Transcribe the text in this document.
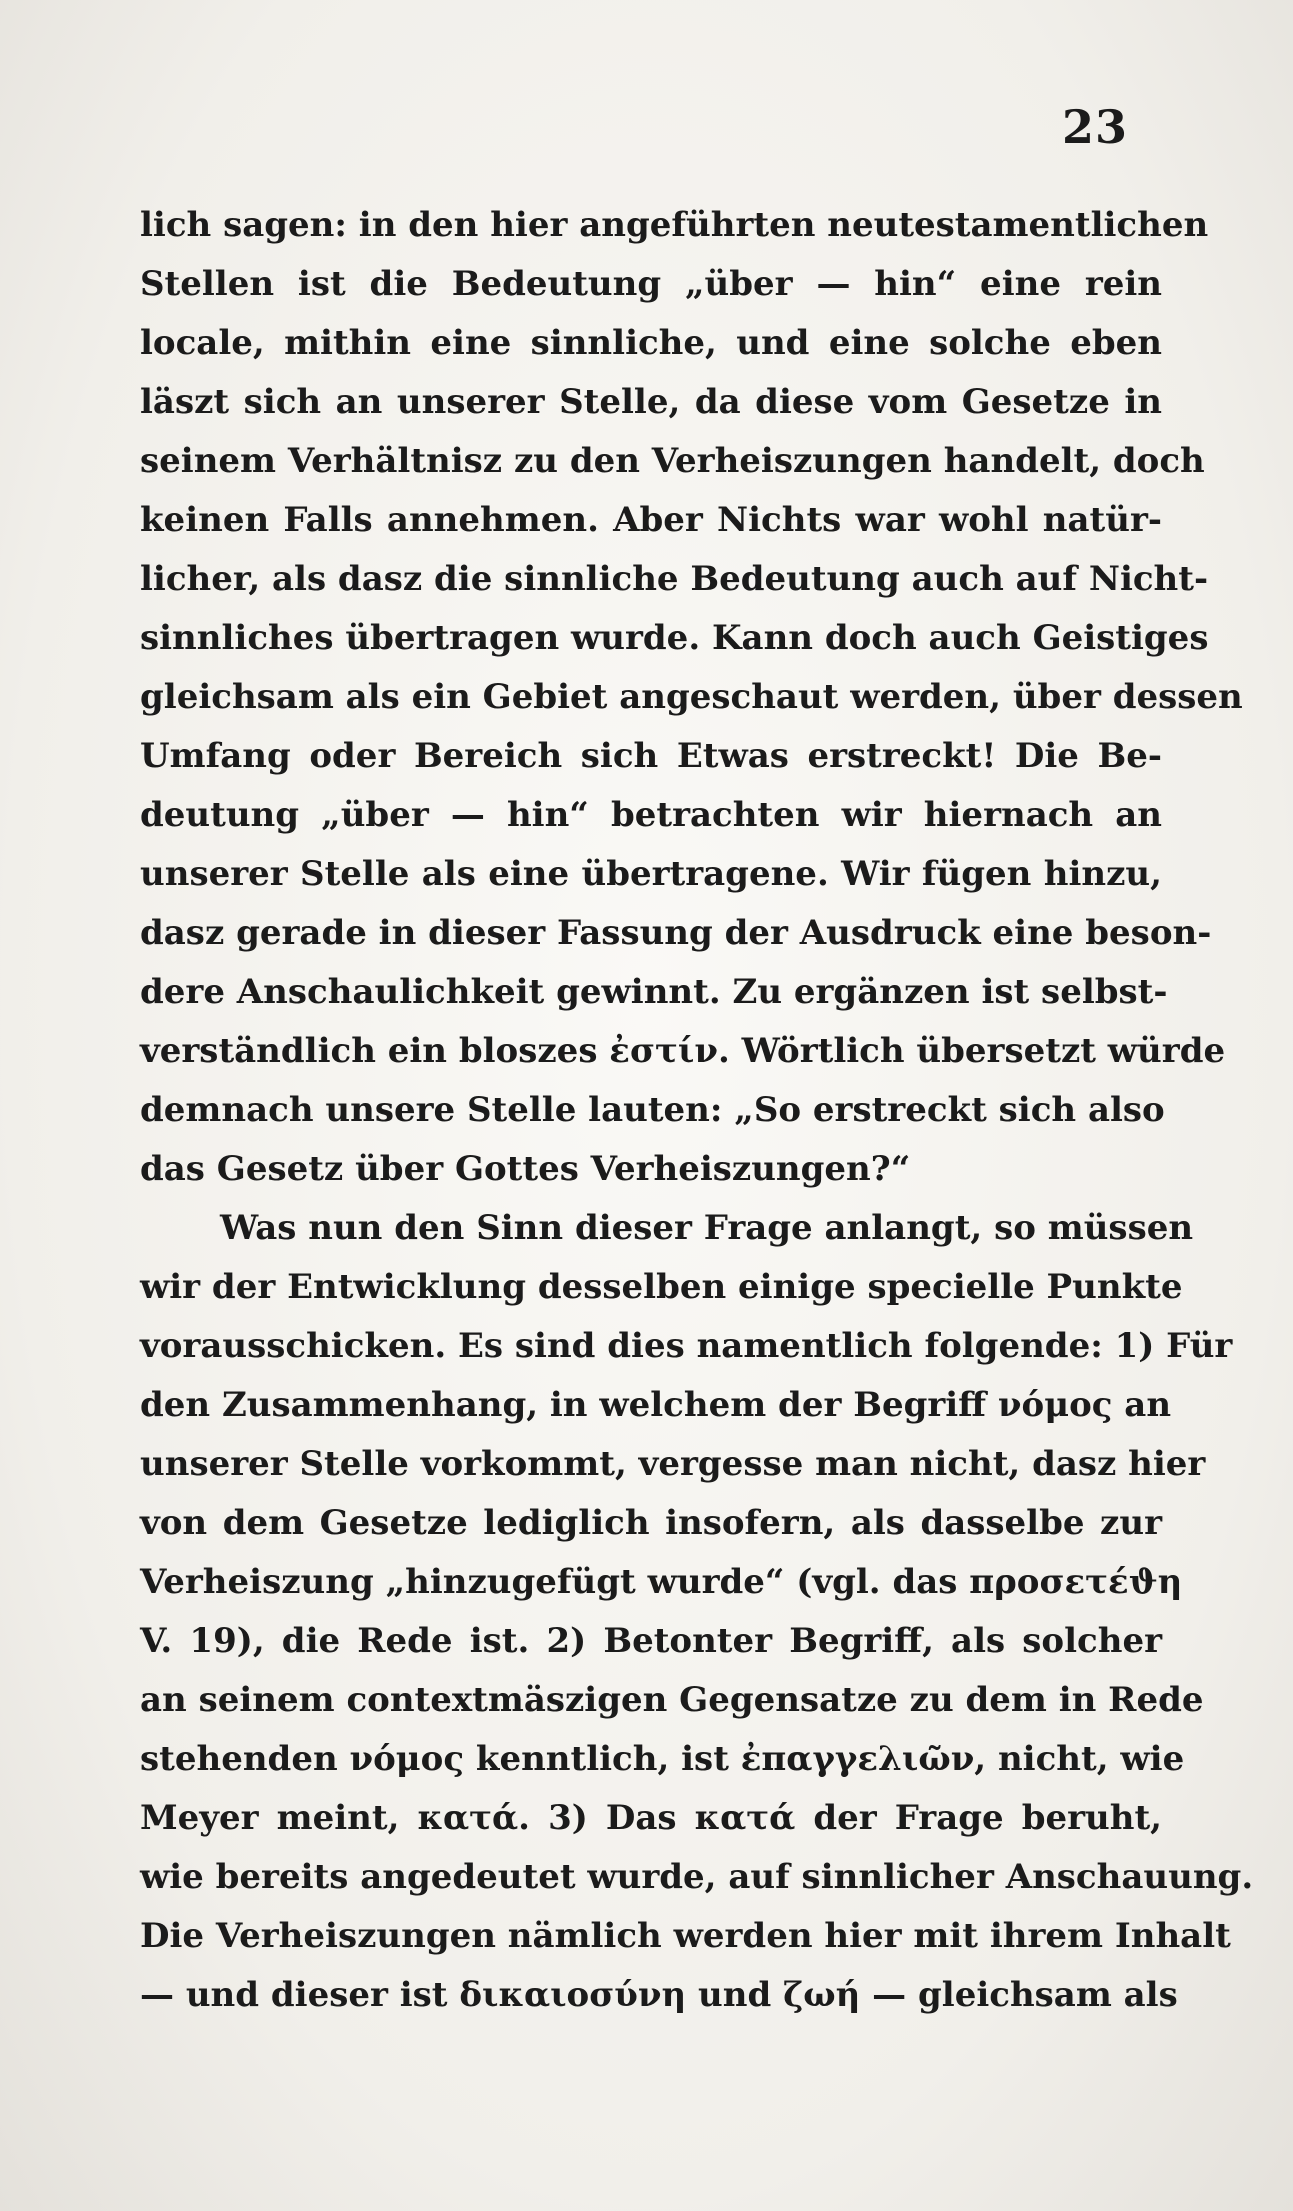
23
lich sagen: in den hier angeführten neutestamentlichen
Stellen ist die Bedeutung „über — hin“ eine rein
locale, mithin eine sinnliche, und eine solche eben
läszt sich an unserer Stelle, da diese vom Gesetze in
seinem Verhältnisz zu den Verheiszungen handelt, doch
keinen Falls annehmen. Aber Nichts war wohl natür-
licher, als dasz die sinnliche Bedeutung auch auf Nicht-
sinnliches übertragen wurde. Kann doch auch Geistiges
gleichsam als ein Gebiet angeschaut werden, über dessen
Umfang oder Bereich sich Etwas erstreckt! Die Be-
deutung „über — hin“ betrachten wir hiernach an
unserer Stelle als eine übertragene. Wir fügen hinzu,
dasz gerade in dieser Fassung der Ausdruck eine beson-
dere Anschaulichkeit gewinnt. Zu ergänzen ist selbst-
verständlich ein bloszes ἐστίν. Wörtlich übersetzt würde
demnach unsere Stelle lauten: „So erstreckt sich also
das Gesetz über Gottes Verheiszungen?“
Was nun den Sinn dieser Frage anlangt, so müssen
wir der Entwicklung desselben einige specielle Punkte
vorausschicken. Es sind dies namentlich folgende: 1) Für
den Zusammenhang, in welchem der Begriff νόμος an
unserer Stelle vorkommt, vergesse man nicht, dasz hier
von dem Gesetze lediglich insofern, als dasselbe zur
Verheiszung „hinzugefügt wurde“ (vgl. das προσετέϑη
V. 19), die Rede ist. 2) Betonter Begriff, als solcher
an seinem contextmäszigen Gegensatze zu dem in Rede
stehenden νόμος kenntlich, ist ἐπαγγελιῶν, nicht, wie
Meyer meint, κατά. 3) Das κατά der Frage beruht,
wie bereits angedeutet wurde, auf sinnlicher Anschauung.
Die Verheiszungen nämlich werden hier mit ihrem Inhalt
— und dieser ist δικαιοσύνη und ζωή — gleichsam als
